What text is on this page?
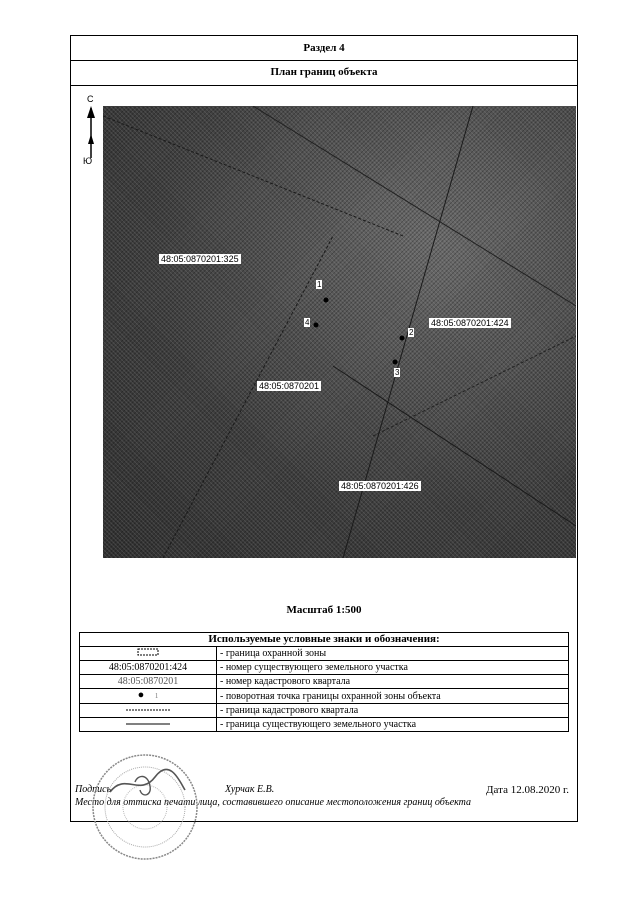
Раздел 4
План границ объекта
С
Ю
48:05:0870201:325
48:05:0870201:424
48:05:0870201
48:05:0870201:426
1
2
3
4
Масштаб 1:500
Используемые условные знаки и обозначения:	
	- граница охранной зоны
48:05:0870201:424	- номер существующего земельного участка
48:05:0870201	- номер кадастрового квартала
● 1	- поворотная точка границы охранной зоны объекта
	- граница кадастрового квартала
	- граница существующего земельного участка
Подпись	Хурчак Е.В.	Дата 12.08.2020 г.
Место для оттиска печати лица, составившего описание местоположения границ объекта
